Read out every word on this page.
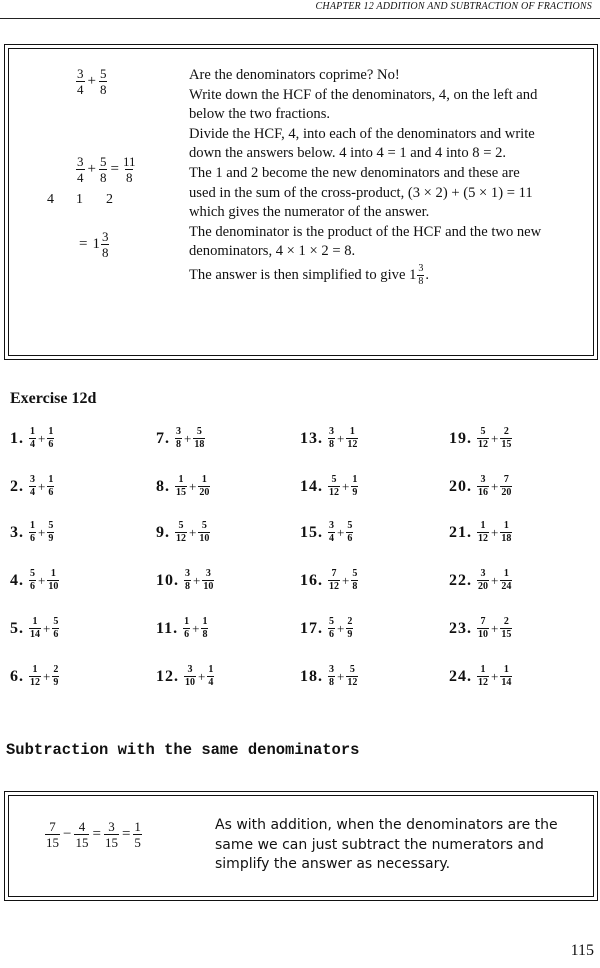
CHAPTER 12 ADDITION AND SUBTRACTION OF FRACTIONS
$\frac{3}{4} + \frac{5}{8}$
$\frac{3}{4} + \frac{5}{8} = \frac{11}{8}$
4 1 2
= $1 \frac{3}{8}$

Are the denominators coprime? No!

Write down the HCF of the denominators, 4, on the left and below the two fractions.

Divide the HCF, 4, into each of the denominators and write down the answers below. 4 into 4 = 1 and 4 into 8 = 2.

The 1 and 2 become the new denominators and these are used in the sum of the cross-product, (3 × 2) + (5 × 1) = 11 which gives the numerator of the answer.

The denominator is the product of the HCF and the two new denominators, 4 × 1 × 2 = 8.

The answer is then simplified to give $1 \frac{3}{8}$ .

Exercise 12d
1. $\frac{1}{4} + \frac{1}{6}$
2. $\frac{3}{4} + \frac{1}{6}$
3. $\frac{1}{6} + \frac{5}{9}$
4. $\frac{5}{6} + \frac{1}{10}$
5. $\frac{1}{14} + \frac{5}{6}$
6. $\frac{1}{12} + \frac{2}{9}$
7. $\frac{3}{8} + \frac{5}{18}$
8. $\frac{1}{15} + \frac{1}{20}$
9. $\frac{5}{12} + \frac{5}{10}$
10. $\frac{3}{8} + \frac{3}{10}$
11. $\frac{1}{6} + \frac{1}{8}$
12. $\frac{3}{10} + \frac{1}{4}$
13. $\frac{3}{8} + \frac{1}{12}$
14. $\frac{5}{12} + \frac{1}{9}$
15. $\frac{3}{4} + \frac{5}{6}$
16. $\frac{7}{12} + \frac{5}{8}$
17. $\frac{5}{6} + \frac{2}{9}$
18. $\frac{3}{8} + \frac{5}{12}$
19. $\frac{5}{12} + \frac{2}{15}$
20. $\frac{3}{16} + \frac{7}{20}$
21. $\frac{1}{12} + \frac{1}{18}$
22. $\frac{3}{20} + \frac{1}{24}$
23. $\frac{7}{10} + \frac{2}{15}$
24. $\frac{1}{12} + \frac{1}{14}$
Subtraction with the same denominators
$\frac{7}{15} - \frac{4}{15} = \frac{3}{15} = \frac{1}{5}$	As with addition, when the denominators are the same we can just subtract the numerators and simplify the answer as necessary.
115
